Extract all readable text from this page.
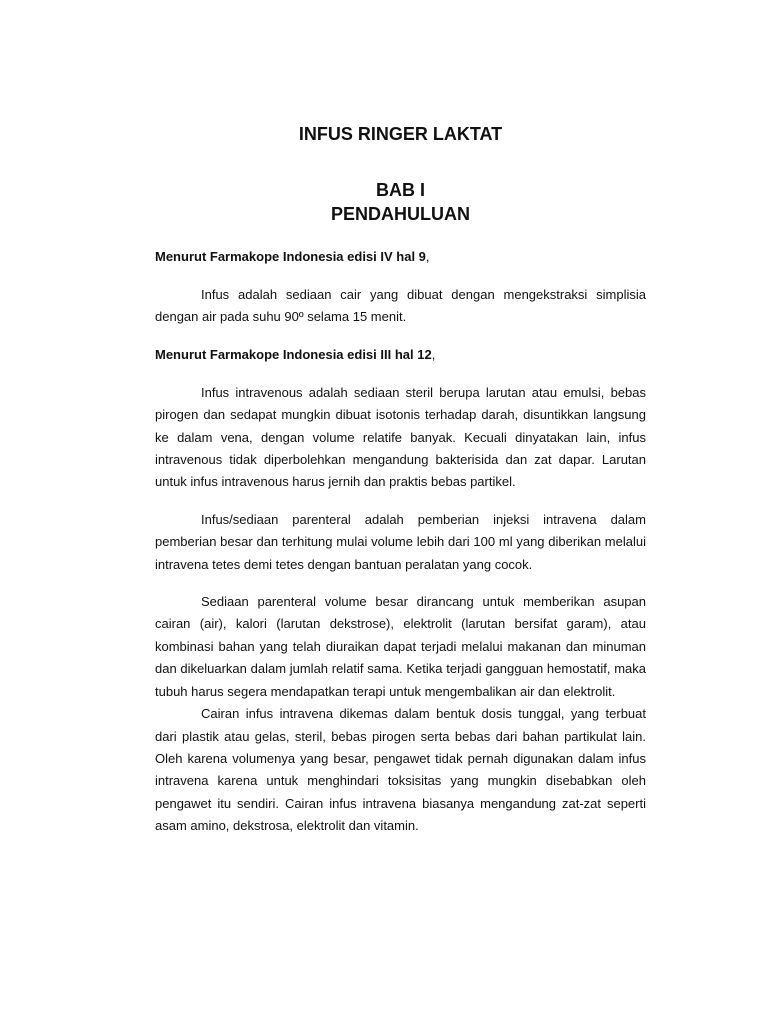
INFUS RINGER LAKTAT
BAB I
PENDAHULUAN
Menurut Farmakope Indonesia edisi IV hal 9,

Infus adalah sediaan cair yang dibuat dengan mengekstraksi simplisia dengan air pada suhu 90º selama 15 menit.

Menurut Farmakope Indonesia edisi III hal 12,

Infus intravenous adalah sediaan steril berupa larutan atau emulsi, bebas pirogen dan sedapat mungkin dibuat isotonis terhadap darah, disuntikkan langsung ke dalam vena, dengan volume relatife banyak. Kecuali dinyatakan lain, infus intravenous tidak diperbolehkan mengandung bakterisida dan zat dapar. Larutan untuk infus intravenous harus jernih dan praktis bebas partikel.

Infus/sediaan parenteral adalah pemberian injeksi intravena dalam pemberian besar dan terhitung mulai volume lebih dari 100 ml yang diberikan melalui intravena tetes demi tetes dengan bantuan peralatan yang cocok.

Sediaan parenteral volume besar dirancang untuk memberikan asupan cairan (air), kalori (larutan dekstrose), elektrolit (larutan bersifat garam), atau kombinasi bahan yang telah diuraikan dapat terjadi melalui makanan dan minuman dan dikeluarkan dalam jumlah relatif sama. Ketika terjadi gangguan hemostatif, maka tubuh harus segera mendapatkan terapi untuk mengembalikan air dan elektrolit.

Cairan infus intravena dikemas dalam bentuk dosis tunggal, yang terbuat dari plastik atau gelas, steril, bebas pirogen serta bebas dari bahan partikulat lain. Oleh karena volumenya yang besar, pengawet tidak pernah digunakan dalam infus intravena karena untuk menghindari toksisitas yang mungkin disebabkan oleh pengawet itu sendiri. Cairan infus intravena biasanya mengandung zat-zat seperti asam amino, dekstrosa, elektrolit dan vitamin.
